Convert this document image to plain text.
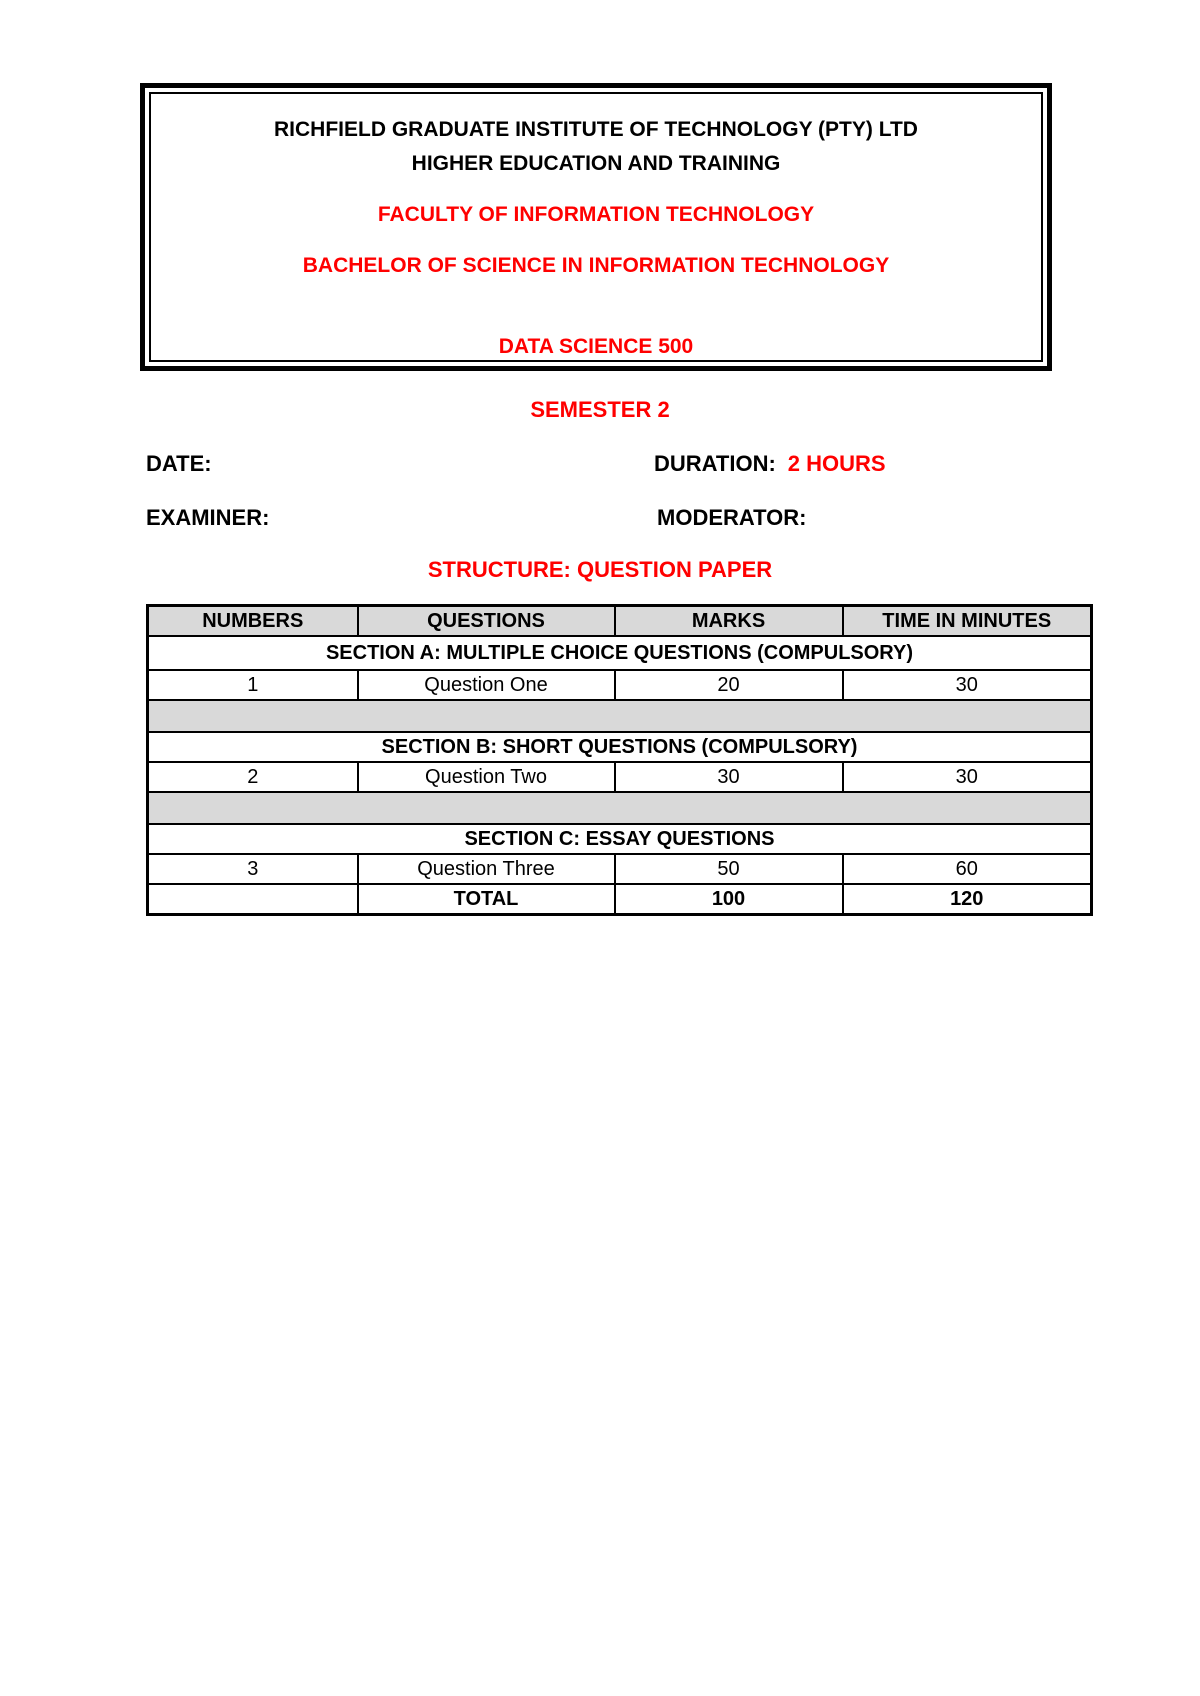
RICHFIELD GRADUATE INSTITUTE OF TECHNOLOGY (PTY) LTD
HIGHER EDUCATION AND TRAINING
FACULTY OF INFORMATION TECHNOLOGY
BACHELOR OF SCIENCE IN INFORMATION TECHNOLOGY
DATA SCIENCE 500
SEMESTER 2
DATE:	DURATION: 2 HOURS
EXAMINER:	MODERATOR:
STRUCTURE: QUESTION PAPER
NUMBERS	QUESTIONS	MARKS	TIME IN MINUTES
SECTION A: MULTIPLE CHOICE QUESTIONS (COMPULSORY)			
1	Question One	20	30

SECTION B: SHORT QUESTIONS (COMPULSORY)			
2	Question Two	30	30

SECTION C: ESSAY QUESTIONS			
3	Question Three	50	60
	TOTAL	100	120
